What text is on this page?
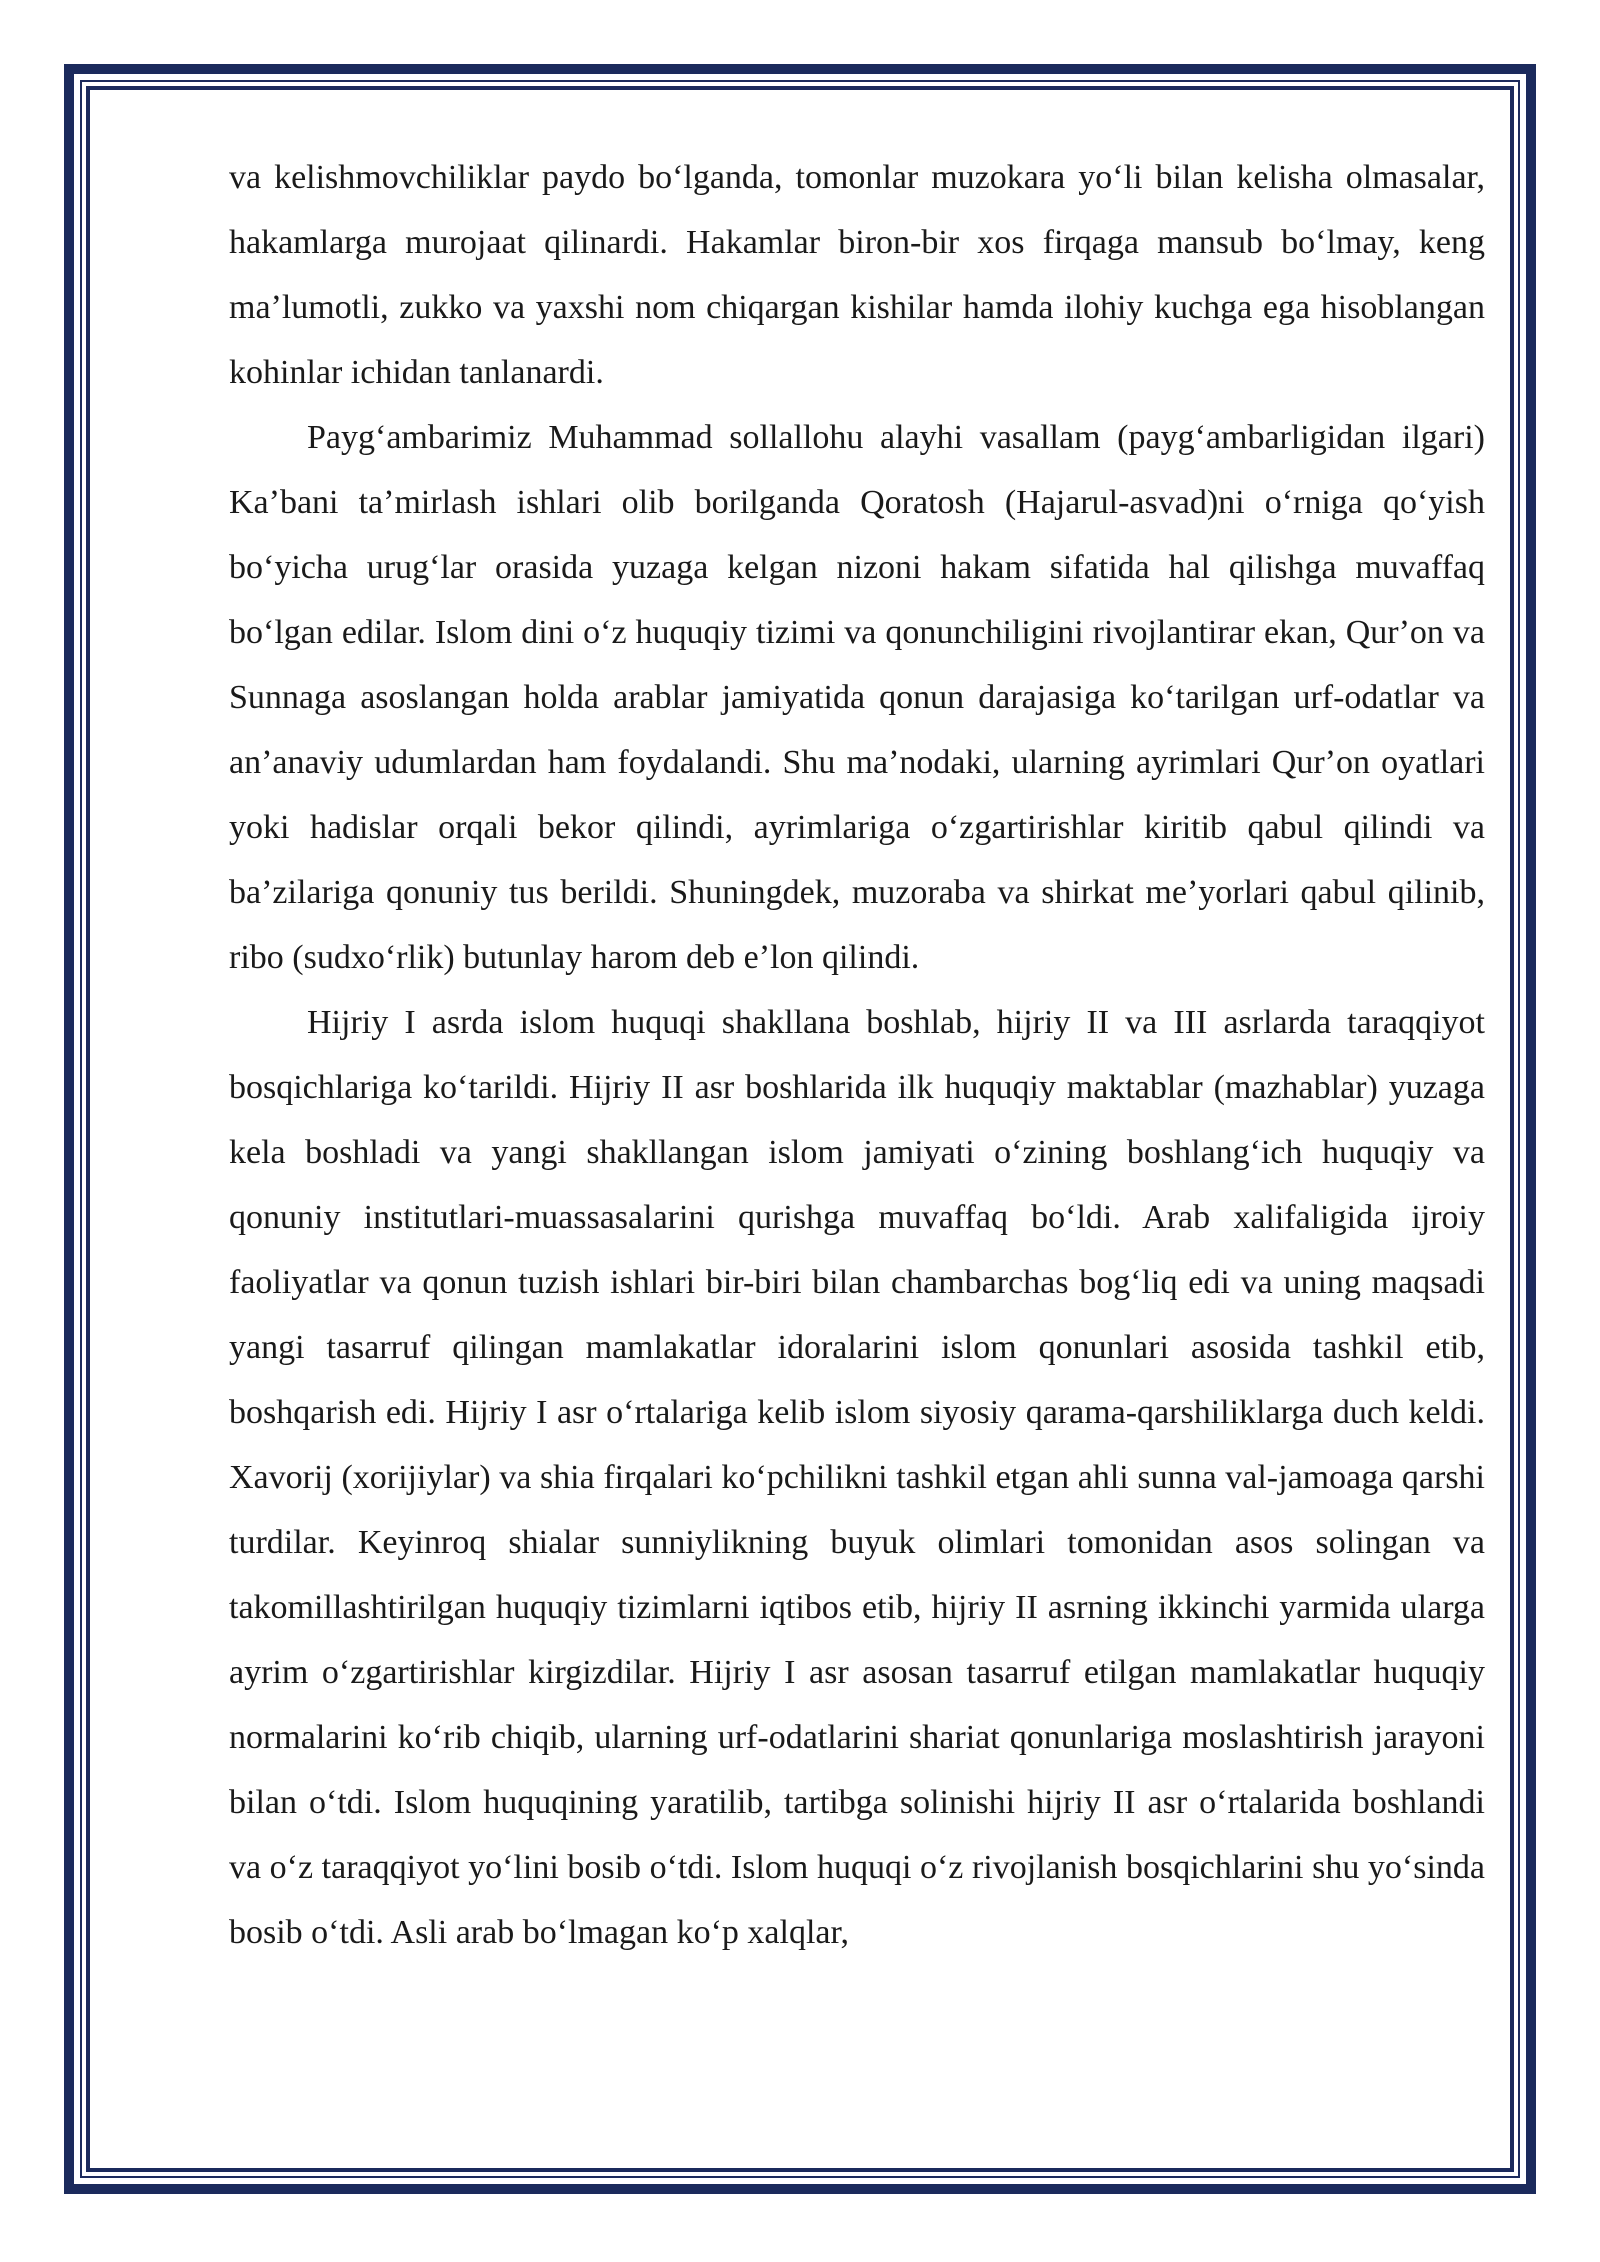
va kelishmovchiliklar paydo boʻlganda, tomonlar muzokara yoʻli bilan kelisha olmasalar, hakamlarga murojaat qilinardi. Hakamlar biron-bir xos firqaga mansub boʻlmay, keng maʼlumotli, zukko va yaxshi nom chiqargan kishilar hamda ilohiy kuchga ega hisoblangan kohinlar ichidan tanlanardi.

Paygʻambarimiz Muhammad sollallohu alayhi vasallam (paygʻambarligidan ilgari) Kaʼbani taʼmirlash ishlari olib borilganda Qoratosh (Hajarul-asvad)ni oʻrniga qoʻyish boʻyicha urugʻlar orasida yuzaga kelgan nizoni hakam sifatida hal qilishga muvaffaq boʻlgan edilar. Islom dini oʻz huquqiy tizimi va qonunchiligini rivojlantirar ekan, Qurʼon va Sunnaga asoslangan holda arablar jamiyatida qonun darajasiga koʻtarilgan urf-odatlar va anʼanaviy udumlardan ham foydalandi. Shu maʼnodaki, ularning ayrimlari Qurʼon oyatlari yoki hadislar orqali bekor qilindi, ayrimlariga oʻzgartirishlar kiritib qabul qilindi va baʼzilariga qonuniy tus berildi. Shuningdek, muzoraba va shirkat meʼyorlari qabul qilinib, ribo (sudxoʻrlik) butunlay harom deb eʼlon qilindi.

Hijriy I asrda islom huquqi shakllana boshlab, hijriy II va III asrlarda taraqqiyot bosqichlariga koʻtarildi. Hijriy II asr boshlarida ilk huquqiy maktablar (mazhablar) yuzaga kela boshladi va yangi shakllangan islom jamiyati oʻzining boshlangʻich huquqiy va qonuniy institutlari-muassasalarini qurishga muvaffaq boʻldi. Arab xalifaligida ijroiy faoliyatlar va qonun tuzish ishlari bir-biri bilan chambarchas bogʻliq edi va uning maqsadi yangi tasarruf qilingan mamlakatlar idoralarini islom qonunlari asosida tashkil etib, boshqarish edi. Hijriy I asr oʻrtalariga kelib islom siyosiy qarama-qarshiliklarga duch keldi. Xavorij (xorijiylar) va shia firqalari koʻpchilikni tashkil etgan ahli sunna val-jamoaga qarshi turdilar. Keyinroq shialar sunniylikning buyuk olimlari tomonidan asos solingan va takomillashtirilgan huquqiy tizimlarni iqtibos etib, hijriy II asrning ikkinchi yarmida ularga ayrim oʻzgartirishlar kirgizdilar. Hijriy I asr asosan tasarruf etilgan mamlakatlar huquqiy normalarini koʻrib chiqib, ularning urf-odatlarini shariat qonunlariga moslashtirish jarayoni bilan oʻtdi. Islom huquqining yaratilib, tartibga solinishi hijriy II asr oʻrtalarida boshlandi va oʻz taraqqiyot yoʻlini bosib oʻtdi. Islom huquqi oʻz rivojlanish bosqichlarini shu yoʻsinda bosib oʻtdi. Asli arab boʻlmagan koʻp xalqlar,
